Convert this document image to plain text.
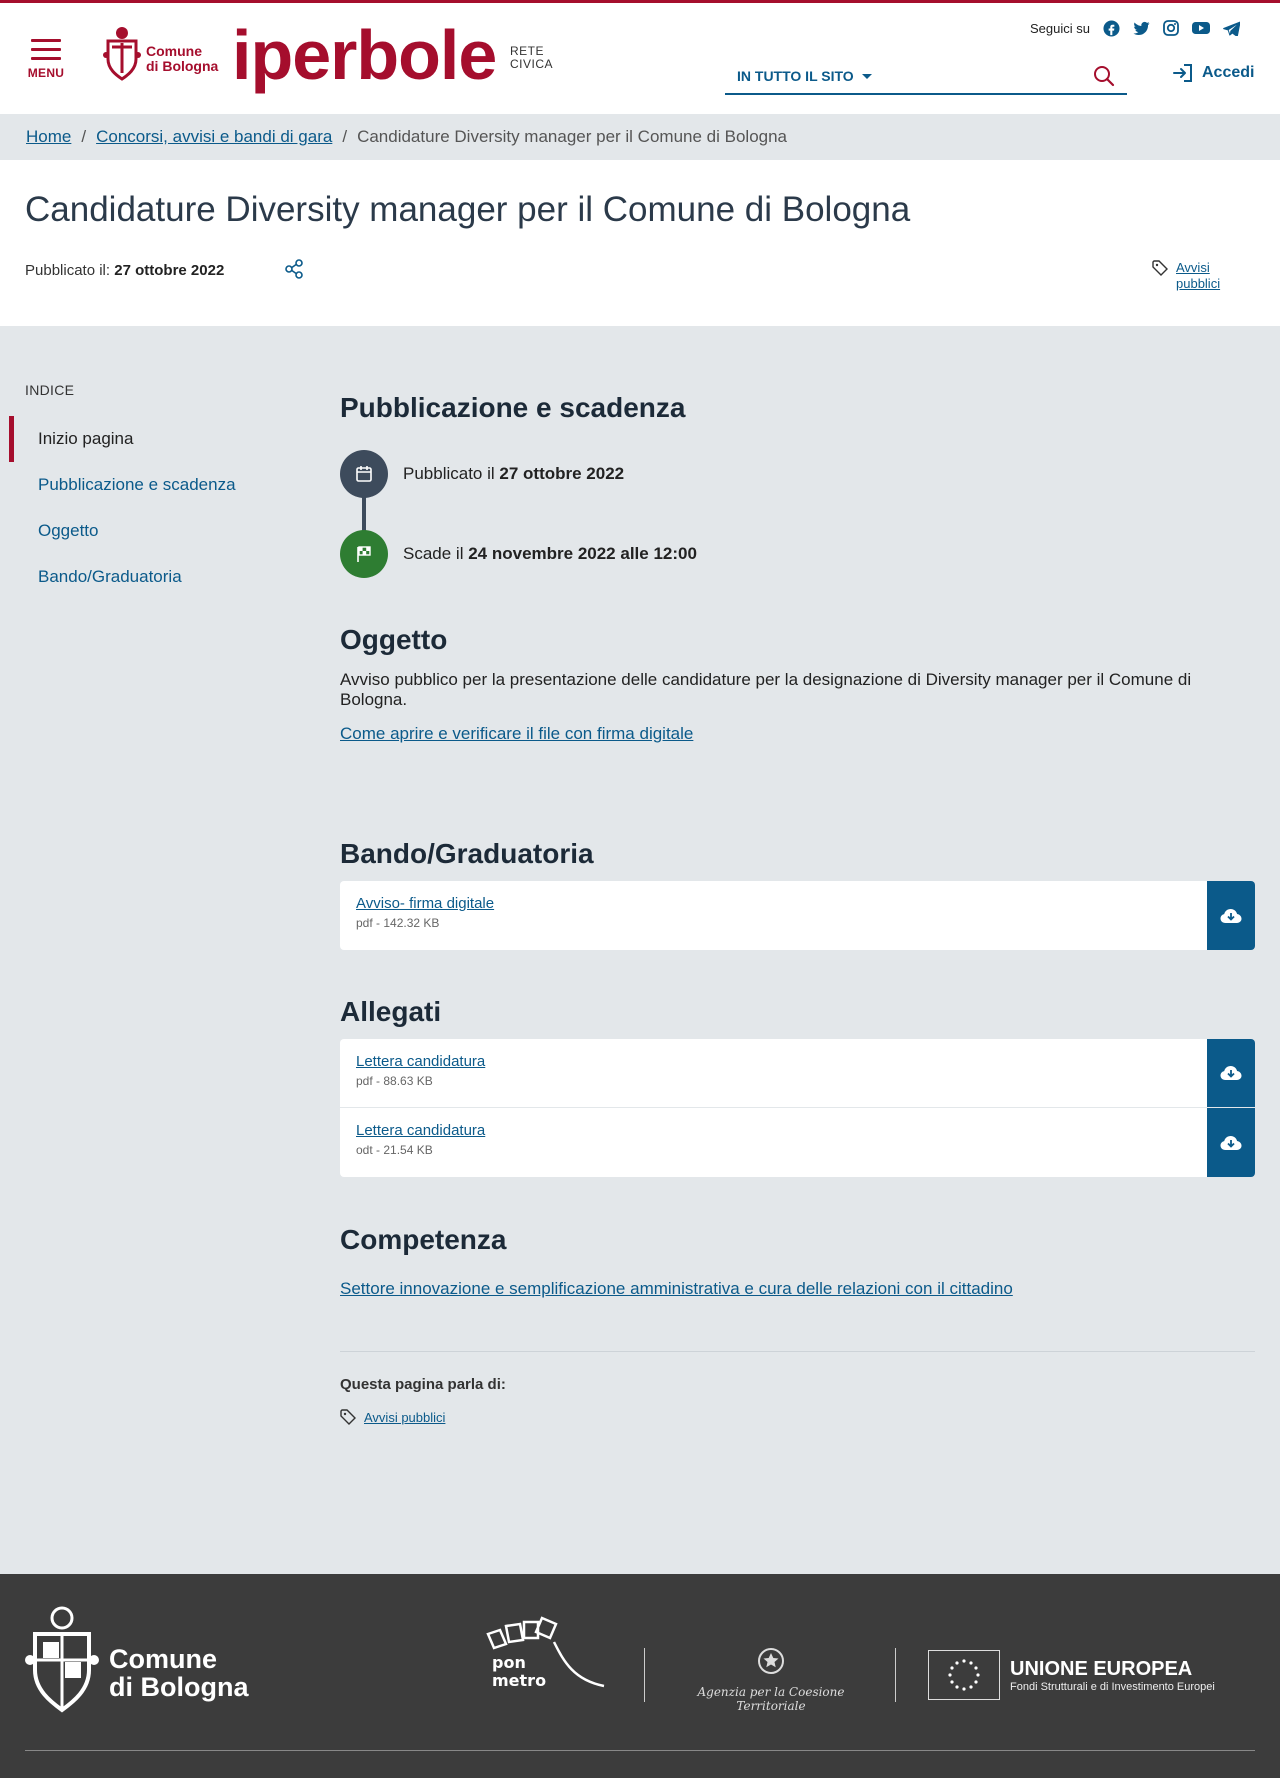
MENU
Comune
di Bologna iperbole RETE
CIVICA
Seguici su
IN TUTTO IL SITO	Accedi
Home / Concorsi, avvisi e bandi di gara / Candidature Diversity manager per il Comune di Bologna
Candidature Diversity manager per il Comune di Bologna
Pubblicato il: 27 ottobre 2022	Avvisi
pubblici
INDICE
Inizio pagina
Pubblicazione e scadenza
Oggetto
Bando/Graduatoria
Pubblicazione e scadenza
Pubblicato il 27 ottobre 2022
Scade il 24 novembre 2022 alle 12:00
Oggetto

Avviso pubblico per la presentazione delle candidature per la designazione di Diversity manager per il Comune di Bologna.

Come aprire e verificare il file con firma digitale
Bando/Graduatoria
Avviso- firma digitale
pdf - 142.32 KB
Allegati
Lettera candidatura
pdf - 88.63 KB
Lettera candidatura
odt - 21.54 KB
Competenza
Settore innovazione e semplificazione amministrativa e cura delle relazioni con il cittadino
Questa pagina parla di:
Avvisi pubblici
Comune
di Bologna
pon
metro
Agenzia per la Coesione Territoriale
UNIONE EUROPEA
Fondi Strutturali e di Investimento Europei
